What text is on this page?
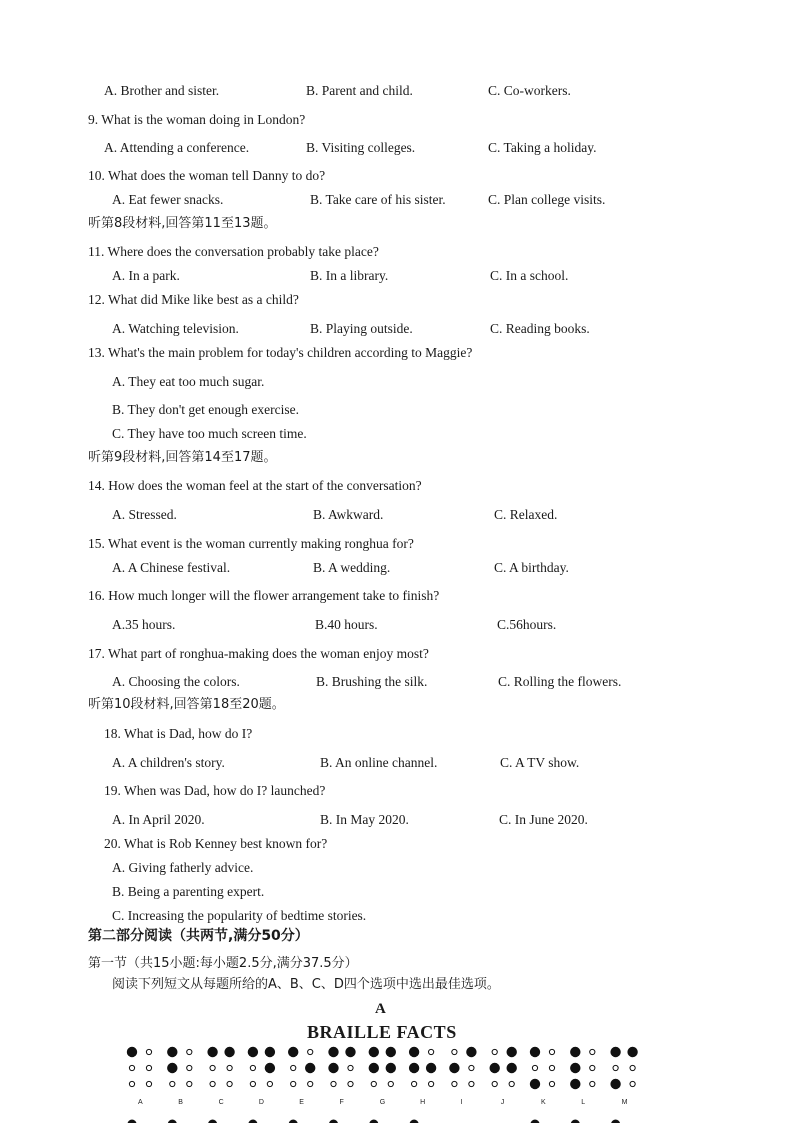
A. Brother and sister.	B. Parent and child.	C. Co-workers.
9. What is the woman doing in London?
A. Attending a conference.	B. Visiting colleges.	C. Taking a holiday.
10. What does the woman tell Danny to do?
A. Eat fewer snacks.	B. Take care of his sister.	C. Plan college visits.
听第8段材料,回答第11至13题。
11. Where does the conversation probably take place?
A. In a park.	B. In a library.	C. In a school.
12. What did Mike like best as a child?
A. Watching television.	B. Playing outside.	C. Reading books.
13. What's the main problem for today's children according to Maggie?
A. They eat too much sugar.
B. They don't get enough exercise.
C. They have too much screen time.
听第9段材料,回答第14至17题。
14. How does the woman feel at the start of the conversation?
A. Stressed.	B. Awkward.	C. Relaxed.
15. What event is the woman currently making ronghua for?
A. A Chinese festival.	B. A wedding.	C. A birthday.
16. How much longer will the flower arrangement take to finish?
A.35 hours.	B.40 hours.	C.56hours.
17. What part of ronghua-making does the woman enjoy most?
A. Choosing the colors.	B. Brushing the silk.	C. Rolling the flowers.
听第10段材料,回答第18至20题。
18. What is Dad, how do I?
A. A children's story.	B. An online channel.	C. A TV show.
19. When was Dad, how do I? launched?
A. In April 2020.	B. In May 2020.	C. In June 2020.
20. What is Rob Kenney best known for?
A. Giving fatherly advice.
B. Being a parenting expert.
C. Increasing the popularity of bedtime stories.
第二部分阅读（共两节,满分50分）
第一节（共15小题:每小题2.5分,满分37.5分）
阅读下列短文从每题所给的A、B、C、D四个选项中选出最佳选项。
A
BRAILLE FACTS
A	B	C	D	E	F	G	H	I	J	K	L	M
